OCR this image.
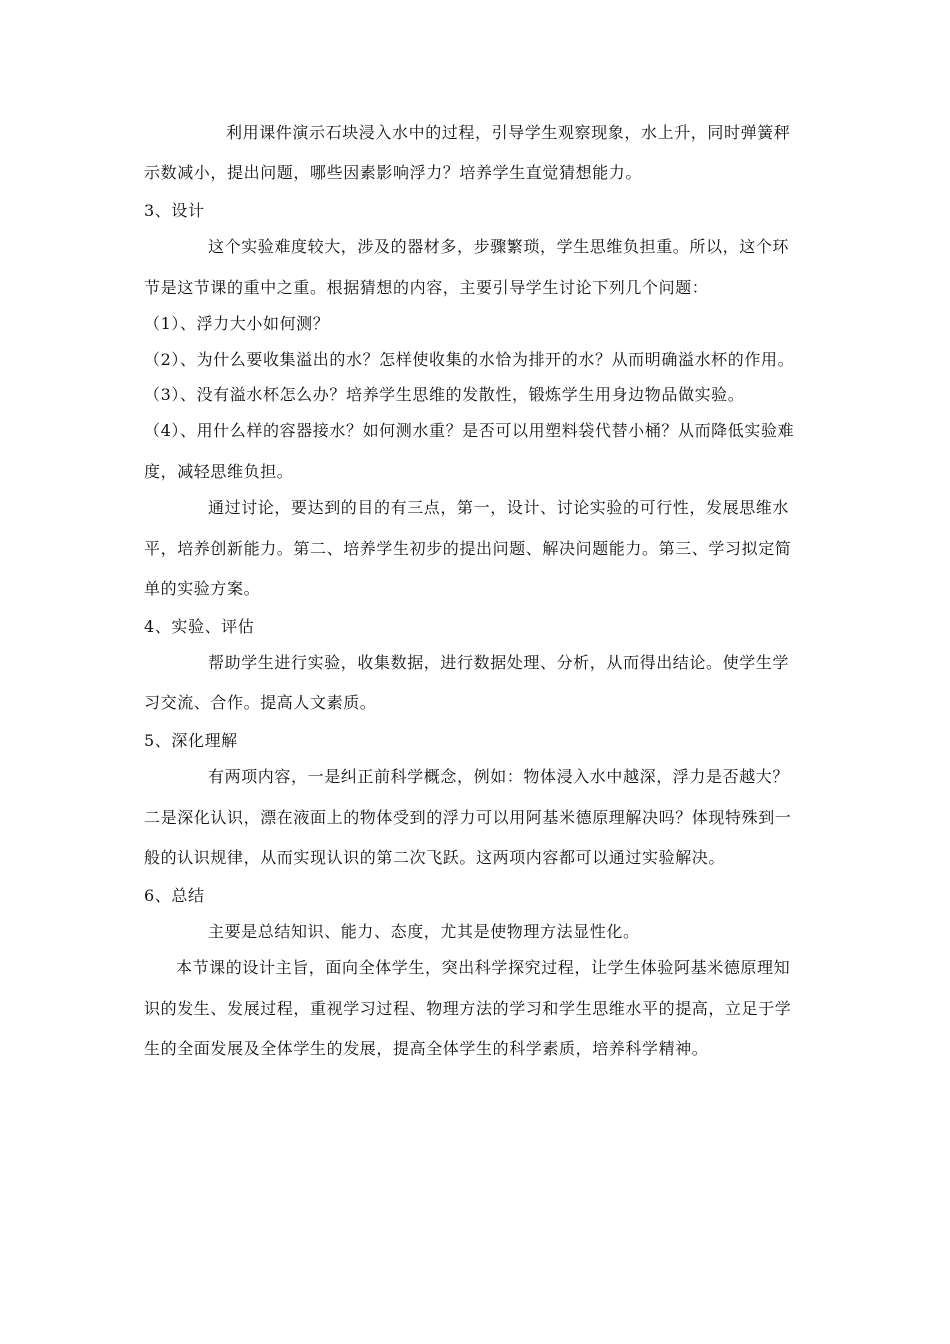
利用课件演示石块浸入水中的过程，引导学生观察现象，水上升，同时弹簧秤
示数减小，提出问题，哪些因素影响浮力？培养学生直觉猜想能力。
3、设计
这个实验难度较大，涉及的器材多，步骤繁琐，学生思维负担重。所以，这个环
节是这节课的重中之重。根据猜想的内容，主要引导学生讨论下列几个问题：
（1）、浮力大小如何测？
（2）、为什么要收集溢出的水？怎样使收集的水恰为排开的水？从而明确溢水杯的作用。
（3）、没有溢水杯怎么办？培养学生思维的发散性，锻炼学生用身边物品做实验。
（4）、用什么样的容器接水？如何测水重？是否可以用塑料袋代替小桶？从而降低实验难
度，减轻思维负担。
通过讨论，要达到的目的有三点，第一，设计、讨论实验的可行性，发展思维水
平，培养创新能力。第二、培养学生初步的提出问题、解决问题能力。第三、学习拟定简
单的实验方案。
4、实验、评估
帮助学生进行实验，收集数据，进行数据处理、分析，从而得出结论。使学生学
习交流、合作。提高人文素质。
5、深化理解
有两项内容，一是纠正前科学概念，例如：物体浸入水中越深，浮力是否越大？
二是深化认识，漂在液面上的物体受到的浮力可以用阿基米德原理解决吗？体现特殊到一
般的认识规律，从而实现认识的第二次飞跃。这两项内容都可以通过实验解决。
6、总结
主要是总结知识、能力、态度，尤其是使物理方法显性化。
本节课的设计主旨，面向全体学生，突出科学探究过程，让学生体验阿基米德原理知
识的发生、发展过程，重视学习过程、物理方法的学习和学生思维水平的提高，立足于学
生的全面发展及全体学生的发展，提高全体学生的科学素质，培养科学精神。
